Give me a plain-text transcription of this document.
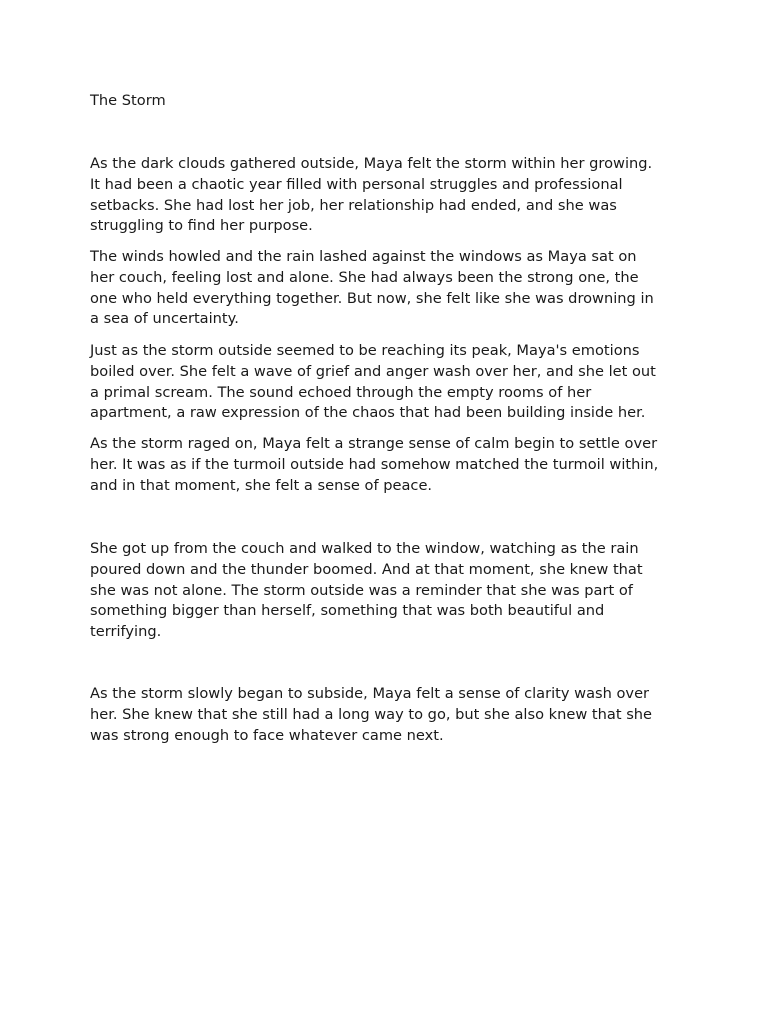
The Storm

As the dark clouds gathered outside, Maya felt the storm within her growing.
It had been a chaotic year filled with personal struggles and professional
setbacks. She had lost her job, her relationship had ended, and she was
struggling to find her purpose.

The winds howled and the rain lashed against the windows as Maya sat on
her couch, feeling lost and alone. She had always been the strong one, the
one who held everything together. But now, she felt like she was drowning in
a sea of uncertainty.

Just as the storm outside seemed to be reaching its peak, Maya's emotions
boiled over. She felt a wave of grief and anger wash over her, and she let out
a primal scream. The sound echoed through the empty rooms of her
apartment, a raw expression of the chaos that had been building inside her.

As the storm raged on, Maya felt a strange sense of calm begin to settle over
her. It was as if the turmoil outside had somehow matched the turmoil within,
and in that moment, she felt a sense of peace.

She got up from the couch and walked to the window, watching as the rain
poured down and the thunder boomed. And at that moment, she knew that
she was not alone. The storm outside was a reminder that she was part of
something bigger than herself, something that was both beautiful and
terrifying.

As the storm slowly began to subside, Maya felt a sense of clarity wash over
her. She knew that she still had a long way to go, but she also knew that she
was strong enough to face whatever came next.
